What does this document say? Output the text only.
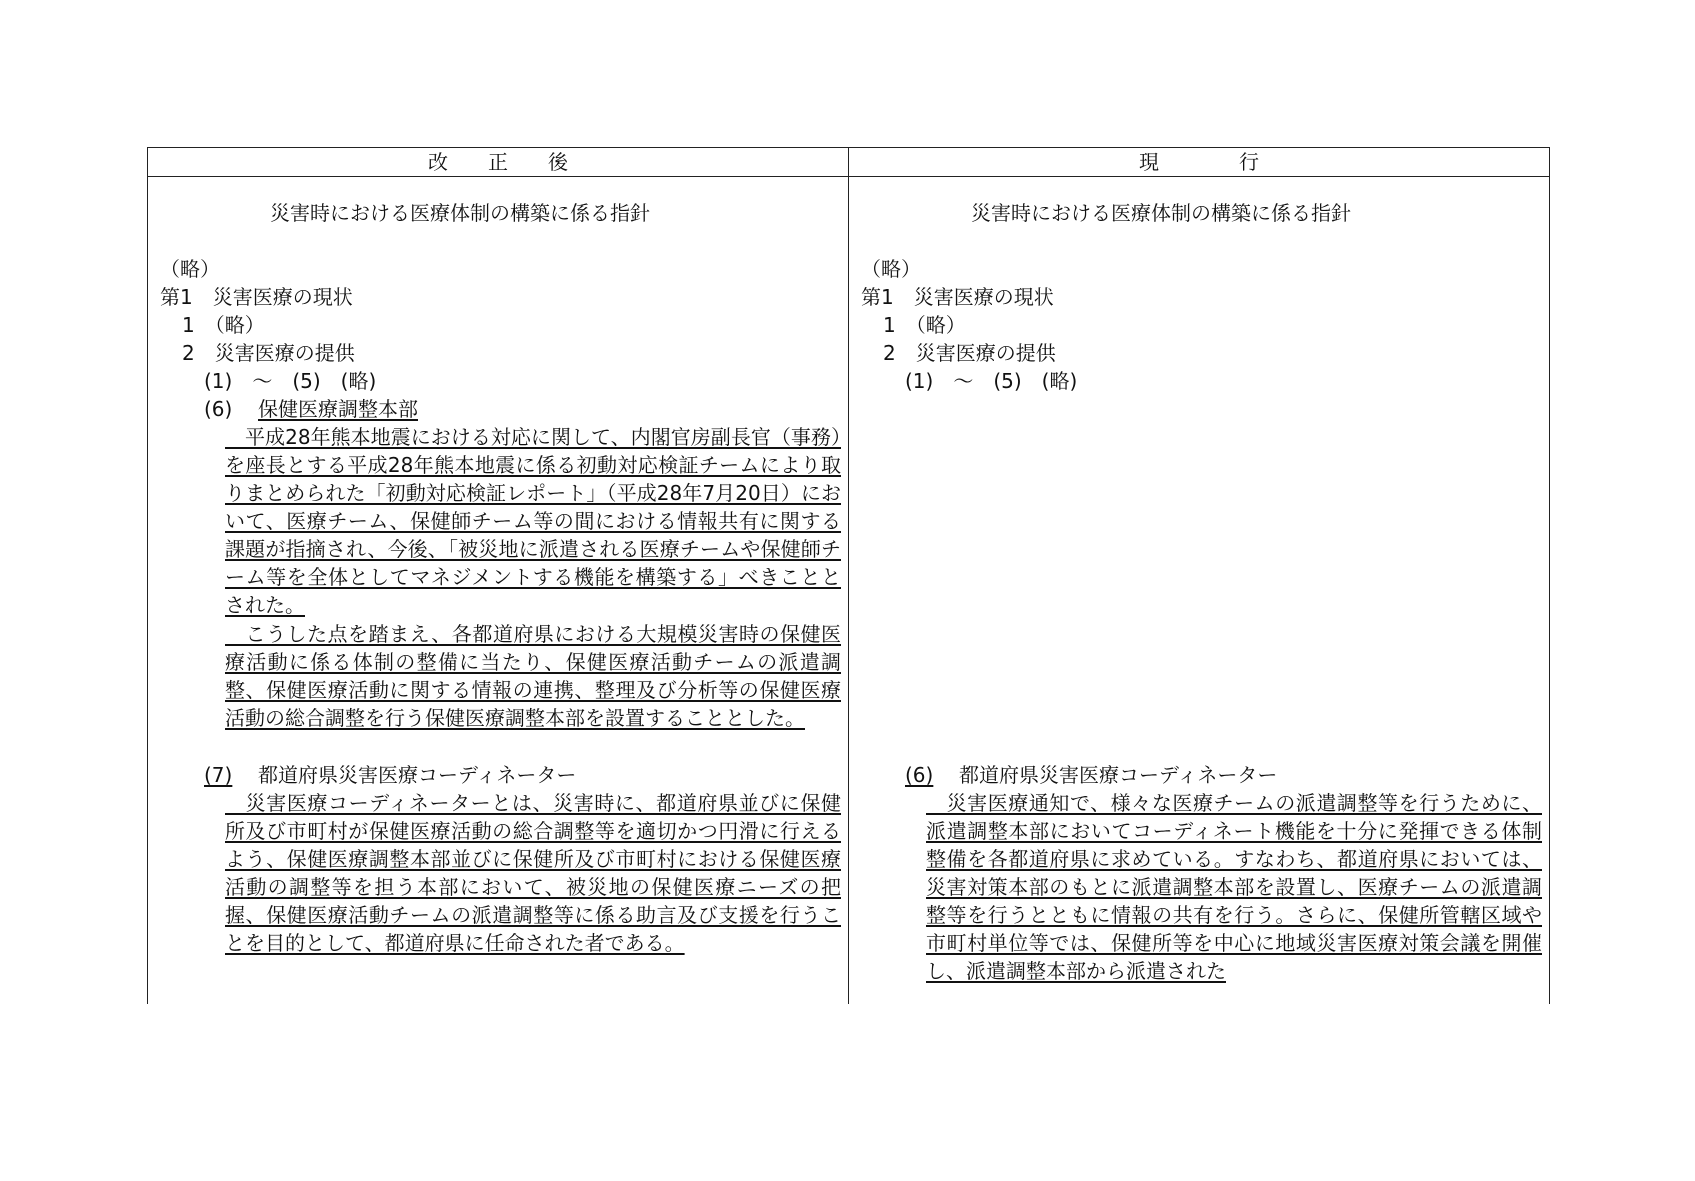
改　　正　　後	現　　　　行
災害時における医療体制の構築に係る指針
（略）
第1　災害医療の現状
1　（略）
2　災害医療の提供
(1)　～　(5)　(略)
(6) 保健医療調整本部
　平成28年熊本地震における対応に関して、内閣官房副長官（事務）を座長とする平成28年熊本地震に係る初動対応検証チームにより取りまとめられた「初動対応検証レポート」（平成28年7月20日）において、医療チーム、保健師チーム等の間における情報共有に関する課題が指摘され、今後、「被災地に派遣される医療チームや保健師チーム等を全体としてマネジメントする機能を構築する」べきこととされた。
　こうした点を踏まえ、各都道府県における大規模災害時の保健医療活動に係る体制の整備に当たり、保健医療活動チームの派遣調整、保健医療活動に関する情報の連携、整理及び分析等の保健医療活動の総合調整を行う保健医療調整本部を設置することとした。
(7) 都道府県災害医療コーディネーター
　災害医療コーディネーターとは、災害時に、都道府県並びに保健所及び市町村が保健医療活動の総合調整等を適切かつ円滑に行えるよう、保健医療調整本部並びに保健所及び市町村における保健医療活動の調整等を担う本部において、被災地の保健医療ニーズの把握、保健医療活動チームの派遣調整等に係る助言及び支援を行うことを目的として、都道府県に任命された者である。
災害時における医療体制の構築に係る指針
（略）
第1　災害医療の現状
1　（略）
2　災害医療の提供
(1)　～　(5)　(略)
(6) 都道府県災害医療コーディネーター
　災害医療通知で、様々な医療チームの派遣調整等を行うために、派遣調整本部においてコーディネート機能を十分に発揮できる体制整備を各都道府県に求めている。すなわち、都道府県においては、災害対策本部のもとに派遣調整本部を設置し、医療チームの派遣調整等を行うとともに情報の共有を行う。さらに、保健所管轄区域や市町村単位等では、保健所等を中心に地域災害医療対策会議を開催し、派遣調整本部から派遣された
